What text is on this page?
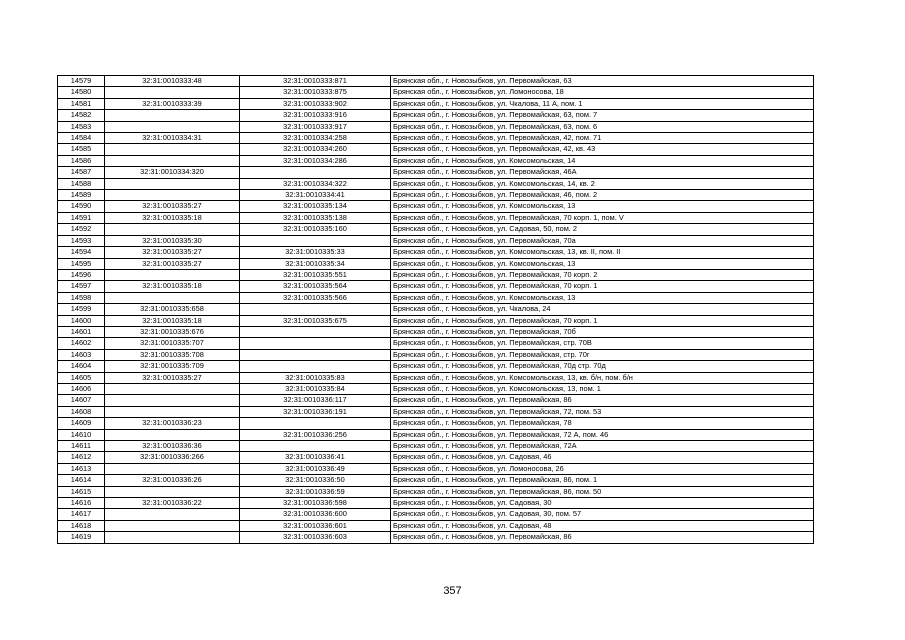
14579	32:31:0010333:48	32:31:0010333:871	Брянская обл., г. Новозыбков, ул. Первомайская, 63
14580		32:31:0010333:875	Брянская обл., г. Новозыбков, ул. Ломоносова, 18
14581	32:31:0010333:39	32:31:0010333:902	Брянская обл., г. Новозыбков, ул. Чкалова, 11 А, пом. 1
14582		32:31:0010333:916	Брянская обл., г. Новозыбков, ул. Первомайская, 63, пом. 7
14583		32:31:0010333:917	Брянская обл., г. Новозыбков, ул. Первомайская, 63, пом. 6
14584	32:31:0010334:31	32:31:0010334:258	Брянская обл., г. Новозыбков, ул. Первомайская, 42, пом. 71
14585		32:31:0010334:260	Брянская обл., г. Новозыбков, ул. Первомайская, 42, кв. 43
14586		32:31:0010334:286	Брянская обл., г. Новозыбков, ул. Комсомольская, 14
14587	32:31:0010334:320		Брянская обл., г. Новозыбков, ул. Первомайская, 46А
14588		32:31:0010334:322	Брянская обл., г. Новозыбков, ул. Комсомольская, 14, кв. 2
14589		32:31:0010334:41	Брянская обл., г. Новозыбков, ул. Первомайская, 46, пом. 2
14590	32:31:0010335:27	32:31:0010335:134	Брянская обл., г. Новозыбков, ул. Комсомольская, 13
14591	32:31:0010335:18	32:31:0010335:138	Брянская обл., г. Новозыбков, ул. Первомайская, 70 корп. 1, пом. V
14592		32:31:0010335:160	Брянская обл., г. Новозыбков, ул. Садовая, 50, пом. 2
14593	32:31:0010335:30		Брянская обл., г. Новозыбков, ул. Первомайская, 70а
14594	32:31:0010335:27	32:31:0010335:33	Брянская обл., г. Новозыбков, ул. Комсомольская, 13, кв. II, пом. II
14595	32:31:0010335:27	32:31:0010335:34	Брянская обл., г. Новозыбков, ул. Комсомольская, 13
14596		32:31:0010335:551	Брянская обл., г. Новозыбков, ул. Первомайская, 70 корп. 2
14597	32:31:0010335:18	32:31:0010335:564	Брянская обл., г. Новозыбков, ул. Первомайская, 70 корп. 1
14598		32:31:0010335:566	Брянская обл., г. Новозыбков, ул. Комсомольская, 13
14599	32:31:0010335:658		Брянская обл., г. Новозыбков, ул. Чкалова, 24
14600	32:31:0010335:18	32:31:0010335:675	Брянская обл., г. Новозыбков, ул. Первомайская, 70 корп. 1
14601	32:31:0010335:676		Брянская обл., г. Новозыбков, ул. Первомайская, 70б
14602	32:31:0010335:707		Брянская обл., г. Новозыбков, ул. Первомайская, стр. 70В
14603	32:31:0010335:708		Брянская обл., г. Новозыбков, ул. Первомайская, стр. 70г
14604	32:31:0010335:709		Брянская обл., г. Новозыбков, ул. Первомайская, 70д стр. 70д
14605	32:31:0010335:27	32:31:0010335:83	Брянская обл., г. Новозыбков, ул. Комсомольская, 13, кв. б/н, пом. б/н
14606		32:31:0010335:84	Брянская обл., г. Новозыбков, ул. Комсомольская, 13, пом. 1
14607		32:31:0010336:117	Брянская обл., г. Новозыбков, ул. Первомайская, 86
14608		32:31:0010336:191	Брянская обл., г. Новозыбков, ул. Первомайская, 72, пом. 53
14609	32:31:0010336:23		Брянская обл., г. Новозыбков, ул. Первомайская, 78
14610		32:31:0010336:256	Брянская обл., г. Новозыбков, ул. Первомайская, 72 А, пом. 46
14611	32:31:0010336:36		Брянская обл., г. Новозыбков, ул. Первомайская, 72А
14612	32:31:0010336:266	32:31:0010336:41	Брянская обл., г. Новозыбков, ул. Садовая, 46
14613		32:31:0010336:49	Брянская обл., г. Новозыбков, ул. Ломоносова, 26
14614	32:31:0010336:26	32:31:0010336:50	Брянская обл., г. Новозыбков, ул. Первомайская, 86, пом. 1
14615		32:31:0010336:59	Брянская обл., г. Новозыбков, ул. Первомайская, 86, пом. 50
14616	32:31:0010336:22	32:31:0010336:598	Брянская обл., г. Новозыбков, ул. Садовая, 30
14617		32:31:0010336:600	Брянская обл., г. Новозыбков, ул. Садовая, 30, пом. 57
14618		32:31:0010336:601	Брянская обл., г. Новозыбков, ул. Садовая, 48
14619		32:31:0010336:603	Брянская обл., г. Новозыбков, ул. Первомайская, 86
357
